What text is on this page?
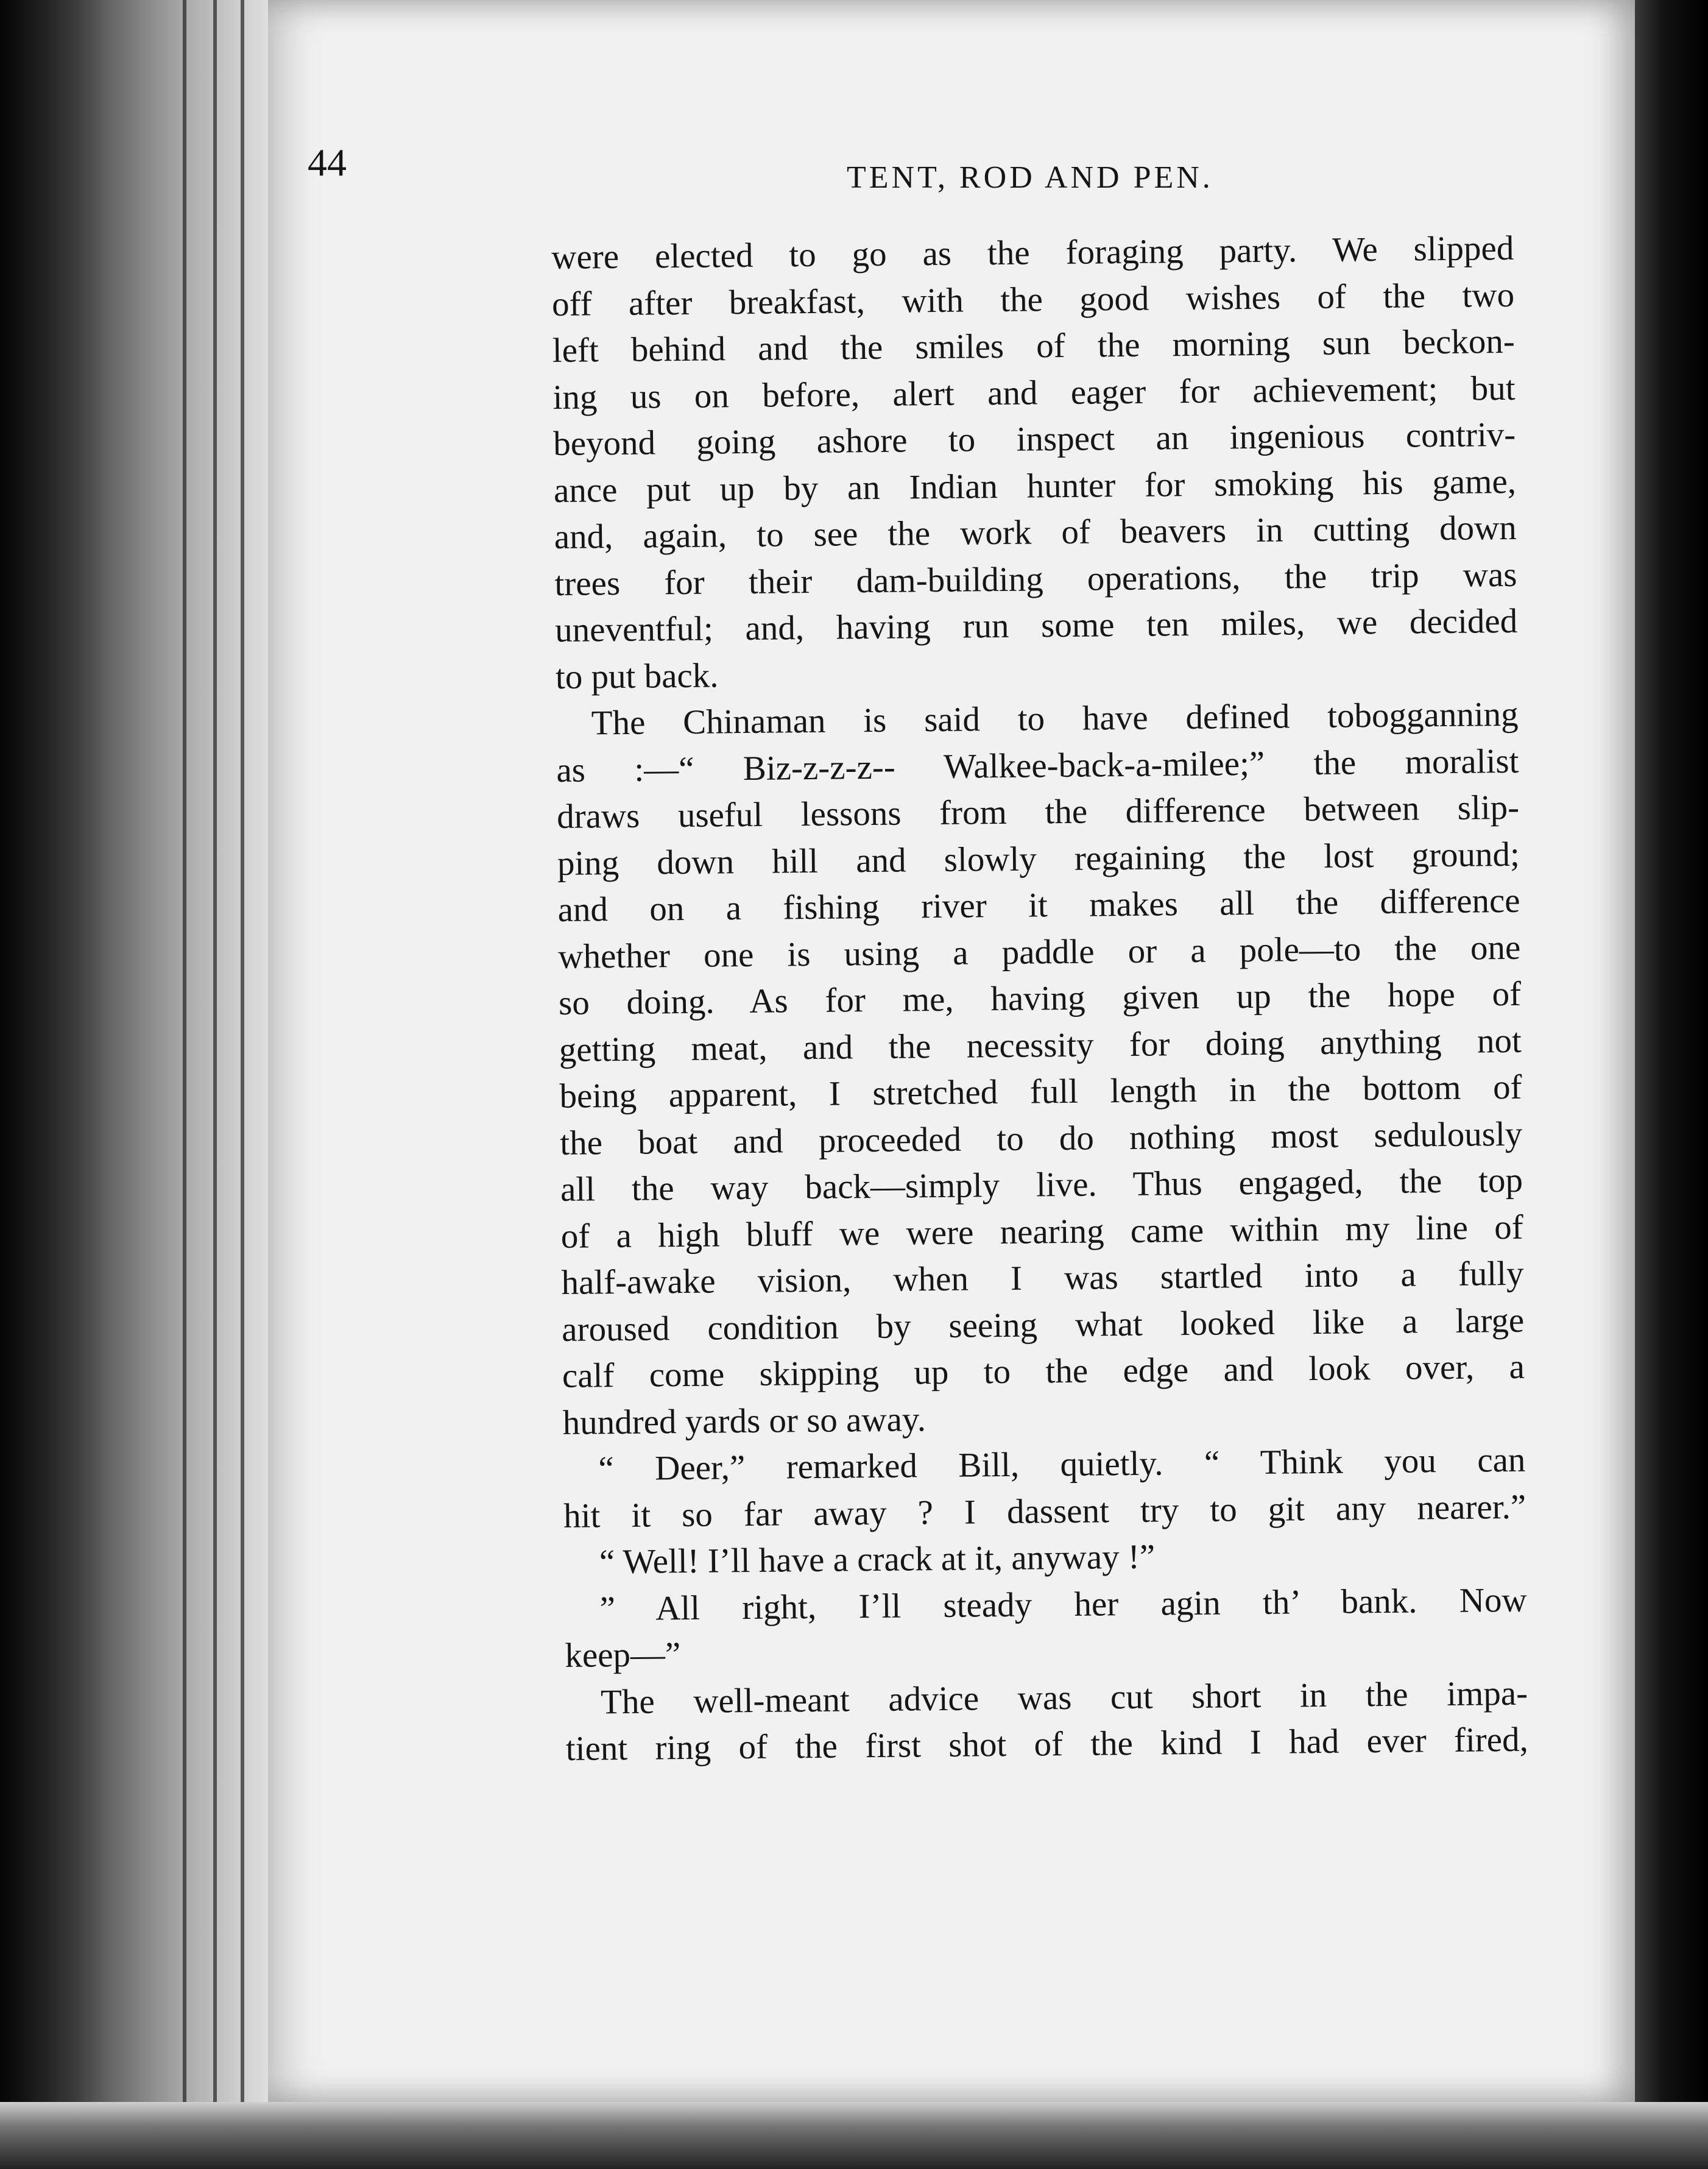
44	TENT, ROD AND PEN.
were elected to go as the foraging party. We slipped
off after breakfast, with the good wishes of the two
left behind and the smiles of the morning sun beckon-
ing us on before, alert and eager for achievement; but
beyond going ashore to inspect an ingenious contriv-
ance put up by an Indian hunter for smoking his game,
and, again, to see the work of beavers in cutting down
trees for their dam-building operations, the trip was
uneventful; and, having run some ten miles, we decided
to put back.
The Chinaman is said to have defined tobogganning
as :—“ Biz-z-z-z-- Walkee-back-a-milee;” the moralist
draws useful lessons from the difference between slip-
ping down hill and slowly regaining the lost ground;
and on a fishing river it makes all the difference
whether one is using a paddle or a pole—to the one
so doing. As for me, having given up the hope of
getting meat, and the necessity for doing anything not
being apparent, I stretched full length in the bottom of
the boat and proceeded to do nothing most sedulously
all the way back—simply live. Thus engaged, the top
of a high bluff we were nearing came within my line of
half-awake vision, when I was startled into a fully
aroused condition by seeing what looked like a large
calf come skipping up to the edge and look over, a
hundred yards or so away.
“ Deer,” remarked Bill, quietly. “ Think you can
hit it so far away ? I dassent try to git any nearer.”
“ Well! I’ll have a crack at it, anyway !”
” All right, I’ll steady her agin th’ bank. Now
keep—”
The well-meant advice was cut short in the impa-
tient ring of the first shot of the kind I had ever fired,
